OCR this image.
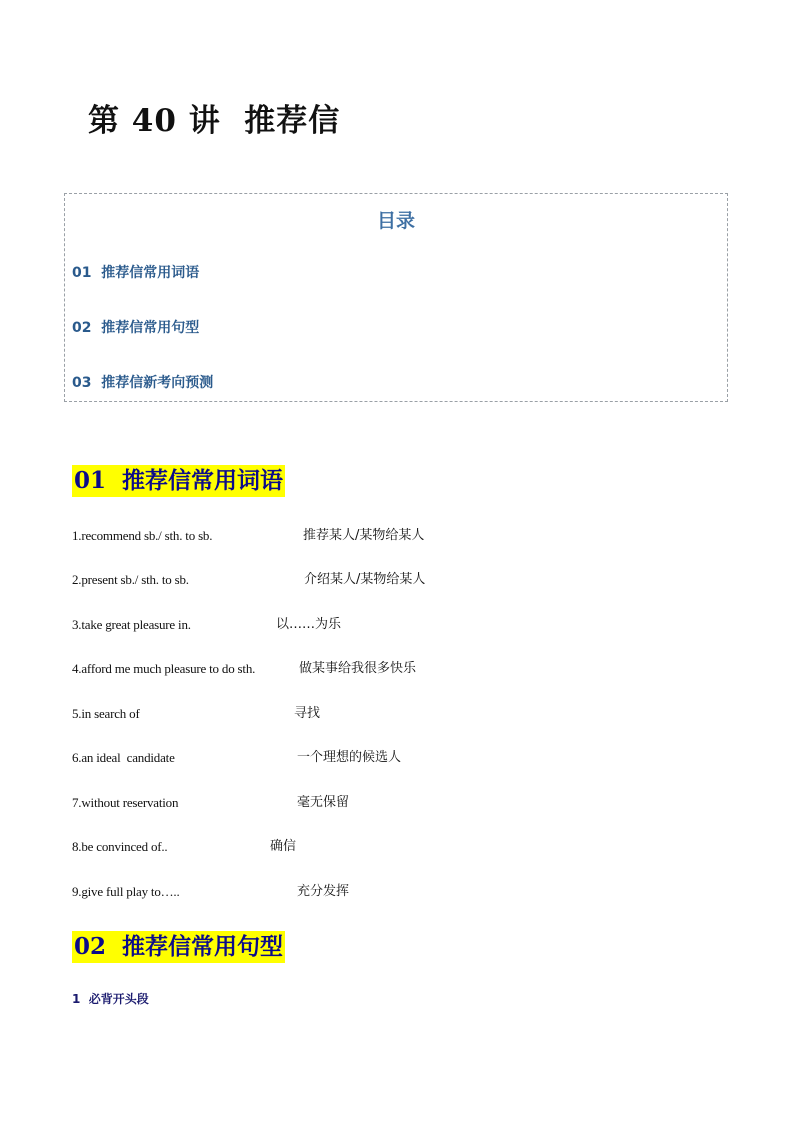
第 40 讲  推荐信
目录
01  推荐信常用词语
02  推荐信常用句型
03  推荐信新考向预测
01  推荐信常用词语
1.recommend sb./ sth. to sb.	推荐某人/某物给某人
2.present sb./ sth. to sb.	介绍某人/某物给某人
3.take great pleasure in.	以……为乐
4.afford me much pleasure to do sth.	做某事给我很多快乐
5.in search of	寻找
6.an ideal  candidate	一个理想的候选人
7.without reservation	毫无保留
8.be convinced of..	确信
9.give full play to…..	充分发挥
02  推荐信常用句型
1  必背开头段
